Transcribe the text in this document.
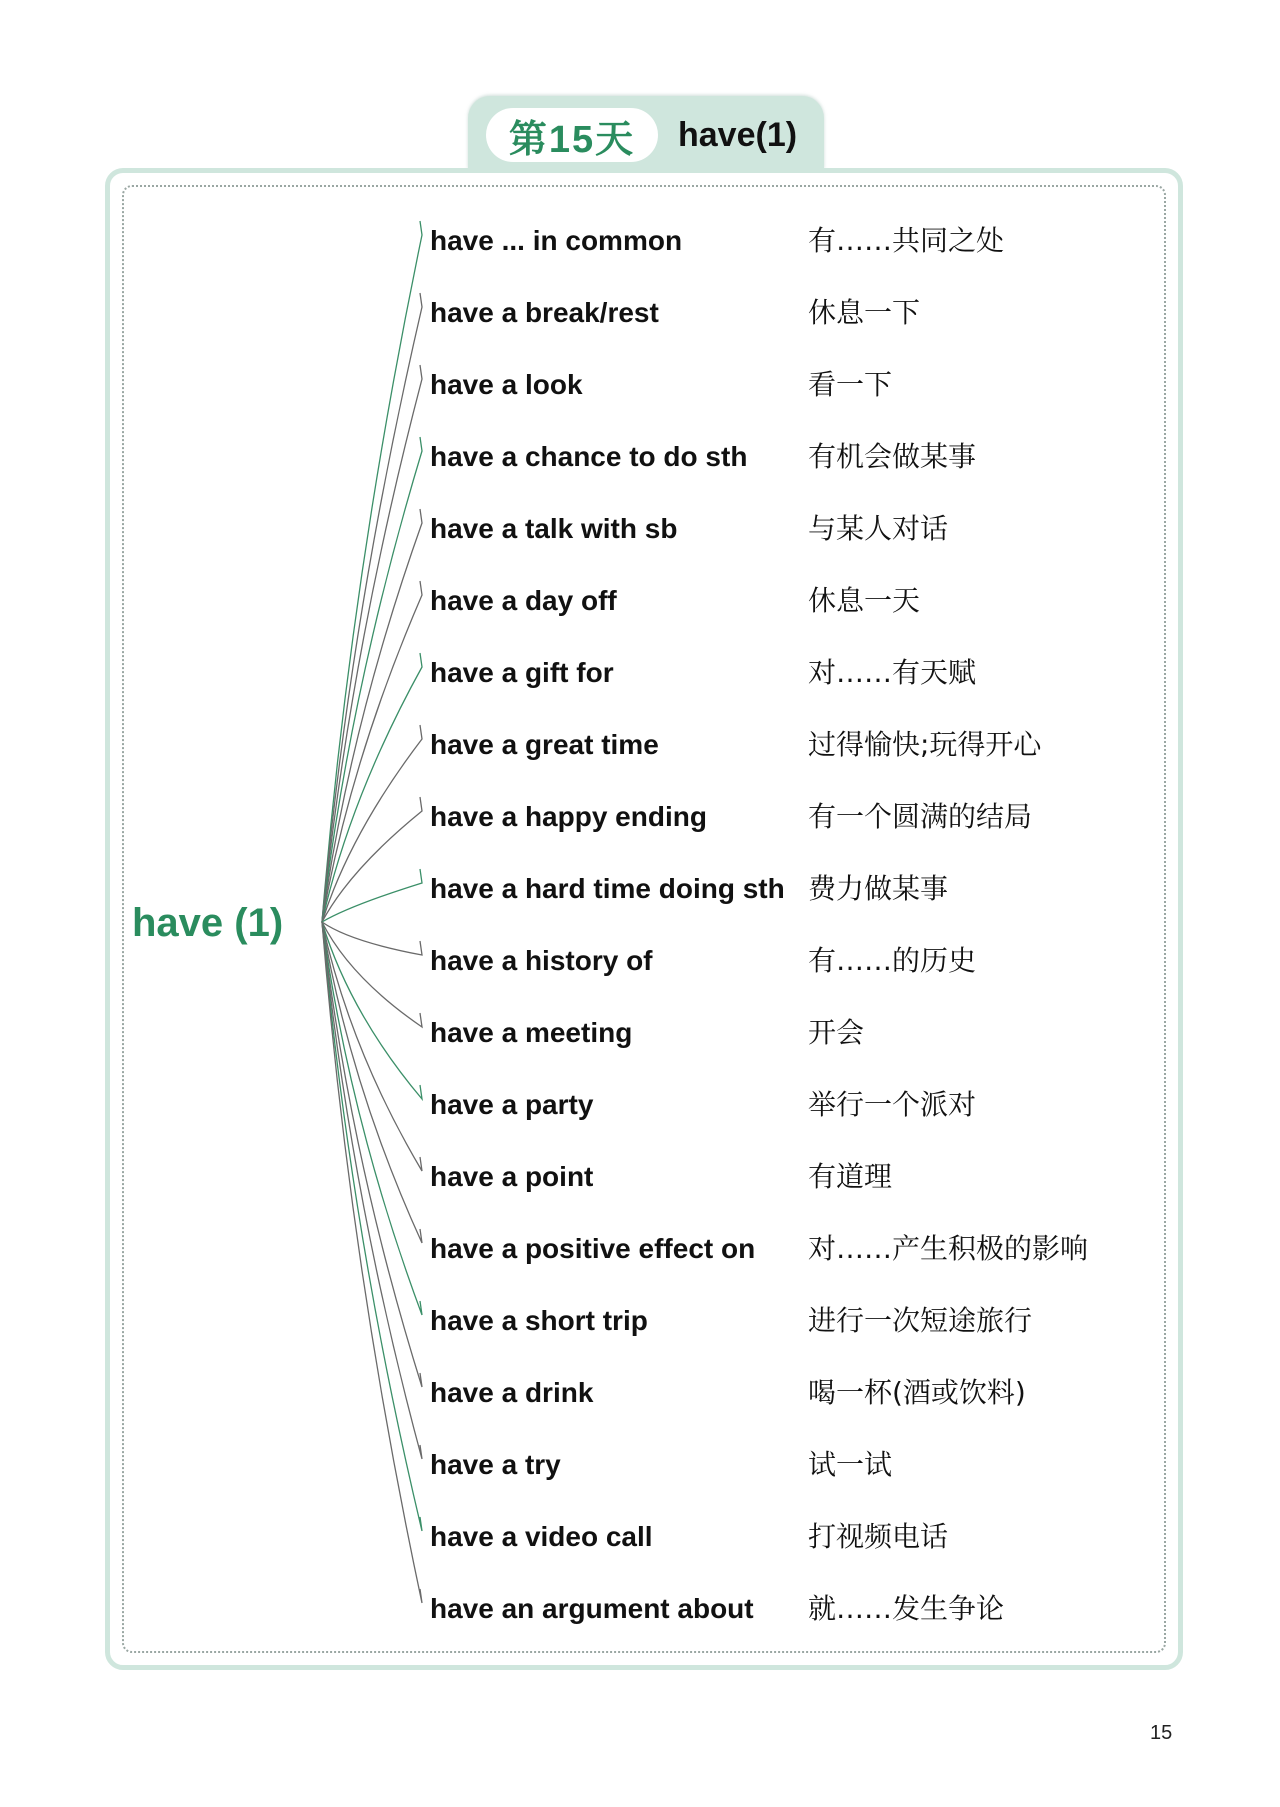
第15天	have(1)
have (1)
have ... in common	有……共同之处
have a break/rest	休息一下
have a look	看一下
have a chance to do sth 有机会做某事
have a talk with sb	与某人对话
have a day off	休息一天
have a gift for	对……有天赋
have a great time	过得愉快;玩得开心
have a happy ending	有一个圆满的结局
have a hard time doing sth 费力做某事
have a history of	有……的历史
have a meeting	开会
have a party	举行一个派对
have a point	有道理
have a positive effect on 对……产生积极的影响
have a short trip	进行一次短途旅行
have a drink	喝一杯(酒或饮料)
have a try	试一试
have a video call	打视频电话
have an argument about 就……发生争论
15
